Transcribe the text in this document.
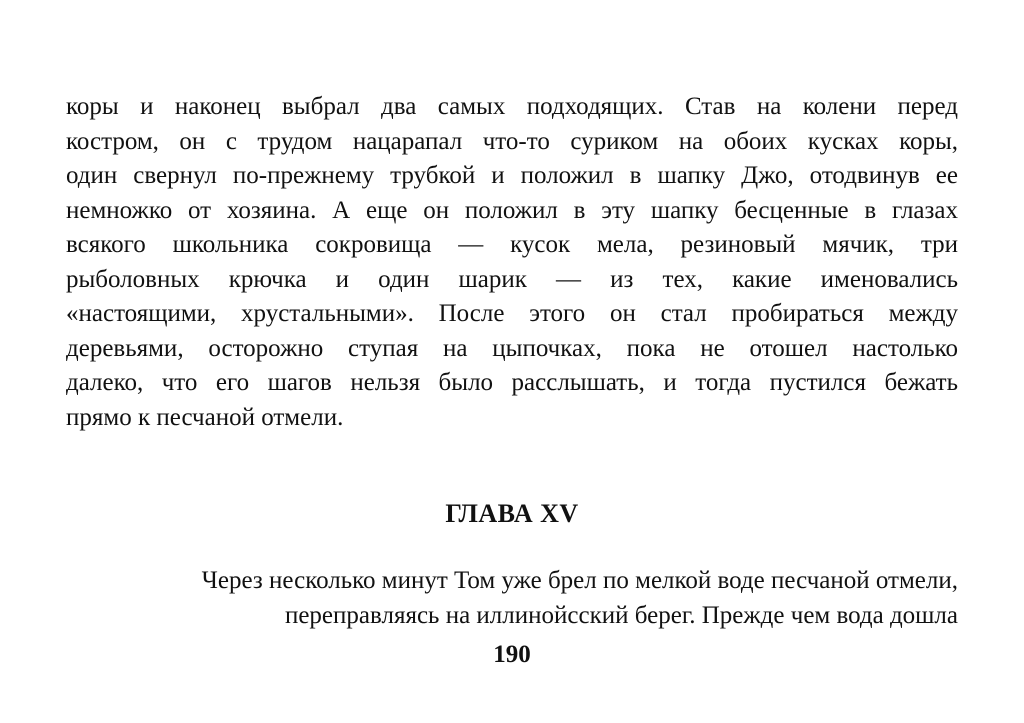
коры и наконец выбрал два самых подходящих. Став на колени перед
костром, он с трудом нацарапал что-то суриком на обоих кусках коры,
один свернул по-прежнему трубкой и положил в шапку Джо, отодвинув ее
немножко от хозяина. А еще он положил в эту шапку бесценные в глазах
всякого школьника сокровища — кусок мела, резиновый мячик, три
рыболовных крючка и один шарик — из тех, какие именовались
«настоящими, хрустальными». После этого он стал пробираться между
деревьями, осторожно ступая на цыпочках, пока не отошел настолько
далеко, что его шагов нельзя было расслышать, и тогда пустился бежать
прямо к песчаной отмели.
ГЛАВА XV
Через несколько минут Том уже брел по мелкой воде песчаной отмели,
переправляясь на иллинойсский берег. Прежде чем вода дошла
190
